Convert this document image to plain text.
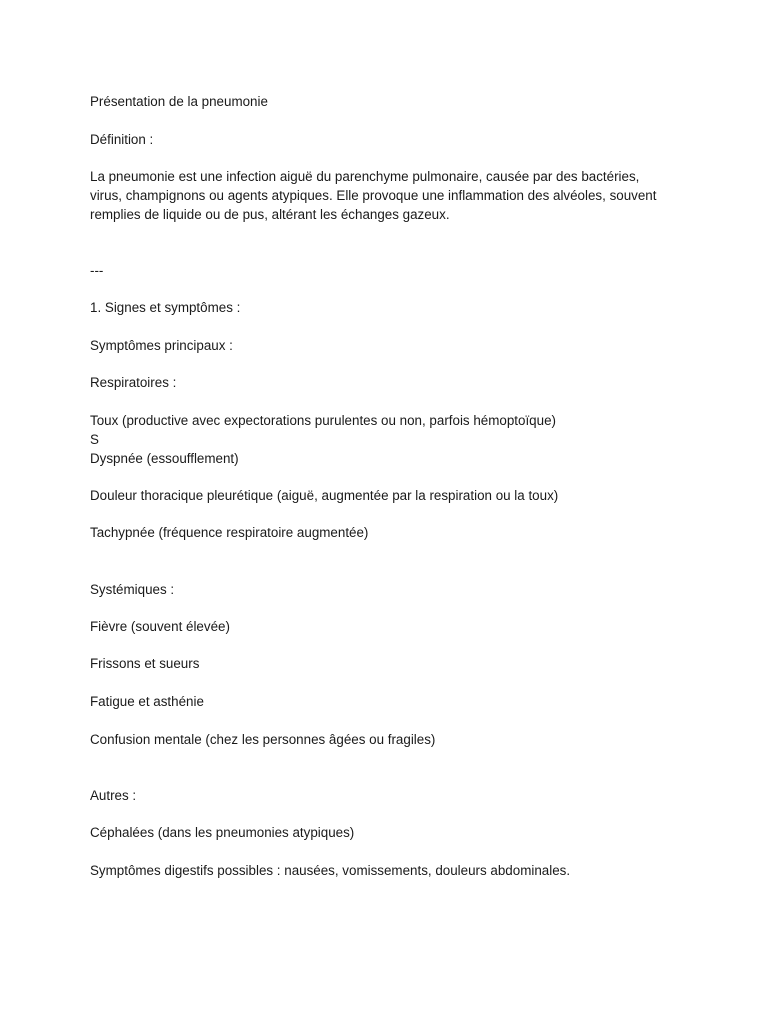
Présentation de la pneumonie

Définition :

La pneumonie est une infection aiguë du parenchyme pulmonaire, causée par des bactéries,
virus, champignons ou agents atypiques. Elle provoque une inflammation des alvéoles, souvent
remplies de liquide ou de pus, altérant les échanges gazeux.

---

1. Signes et symptômes :

Symptômes principaux :

Respiratoires :

Toux (productive avec expectorations purulentes ou non, parfois hémoptoïque)

S

Dyspnée (essoufflement)

Douleur thoracique pleurétique (aiguë, augmentée par la respiration ou la toux)

Tachypnée (fréquence respiratoire augmentée)

Systémiques :

Fièvre (souvent élevée)

Frissons et sueurs

Fatigue et asthénie

Confusion mentale (chez les personnes âgées ou fragiles)

Autres :

Céphalées (dans les pneumonies atypiques)

Symptômes digestifs possibles : nausées, vomissements, douleurs abdominales.
